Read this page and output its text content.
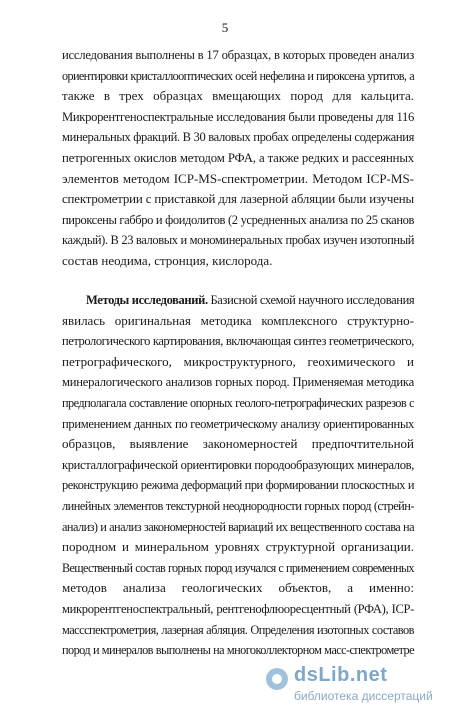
5
исследования выполнены в 17 образцах, в которых проведен анализ
ориентировки кристаллооптических осей нефелина и пироксена уртитов, а
также в трех образцах вмещающих пород для кальцита.
Микрорентгеноспектральные исследования были проведены для 116
минеральных фракций. В 30 валовых пробах определены содержания
петрогенных окислов методом РФА, а также редких и рассеянных
элементов методом ICP-MS-спектрометрии. Методом ICP-MS-
спектрометрии с приставкой для лазерной абляции были изучены
пироксены габбро и фоидолитов (2 усредненных анализа по 25 сканов
каждый). В 23 валовых и мономинеральных пробах изучен изотопный
состав неодима, стронция, кислорода.
Методы исследований. Базисной схемой научного исследования
явилась оригинальная методика комплексного структурно-
петрологического картирования, включающая синтез геометрического,
петрографического, микроструктурного, геохимического и
минералогического анализов горных пород. Применяемая методика
предполагала составление опорных геолого-петрографических разрезов с
применением данных по геометрическому анализу ориентированных
образцов, выявление закономерностей предпочтительной
кристаллографической ориентировки породообразующих минералов,
реконструкцию режима деформаций при формировании плоскостных и
линейных элементов текстурной неоднородности горных пород (стрейн-
анализ) и анализ закономерностей вариаций их вещественного состава на
породном и минеральном уровнях структурной организации.
Вещественный состав горных пород изучался с применением современных
методов анализа геологических объектов, а именно:
микрорентгеноспектральный, рентгенофлюоресцентный (РФА), ICP-
массспектрометрия, лазерная абляция. Определения изотопных составов
пород и минералов выполнены на многоколлекторном масс-спектрометре
dsLib.net
библиотека диссертаций
